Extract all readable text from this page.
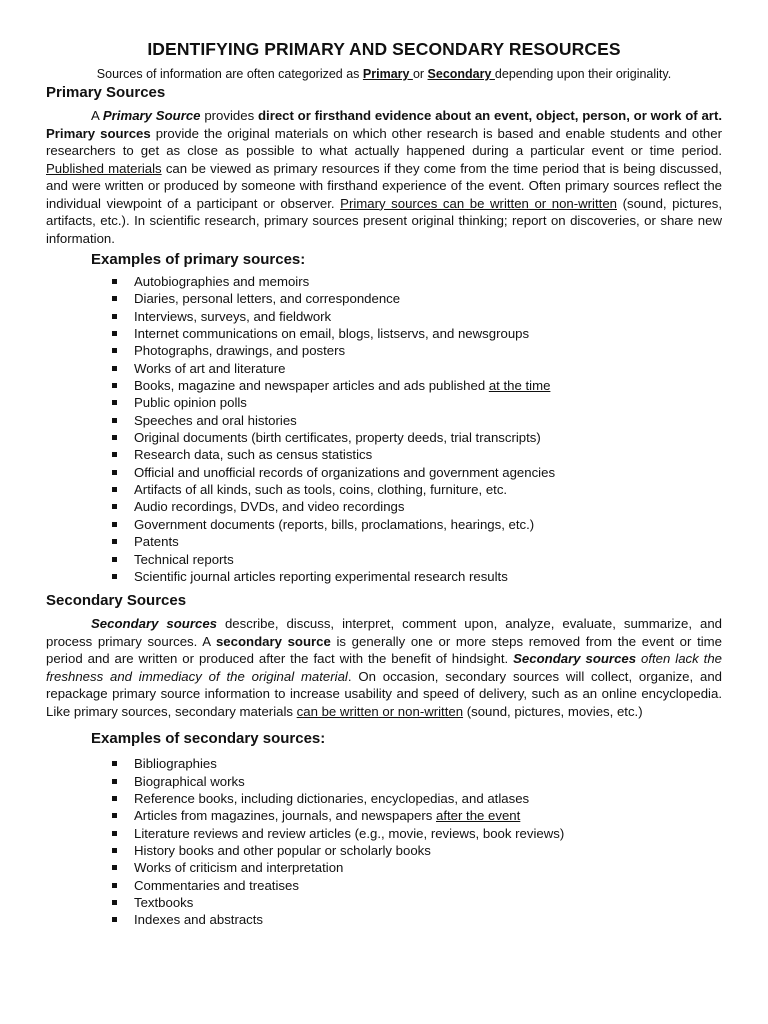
IDENTIFYING PRIMARY AND SECONDARY RESOURCES

Sources of information are often categorized as Primary or Secondary depending upon their originality.

Primary Sources

A Primary Source provides direct or firsthand evidence about an event, object, person, or work of art. Primary sources provide the original materials on which other research is based and enable students and other researchers to get as close as possible to what actually happened during a particular event or time period. Published materials can be viewed as primary resources if they come from the time period that is being discussed, and were written or produced by someone with firsthand experience of the event. Often primary sources reflect the individual viewpoint of a participant or observer. Primary sources can be written or non-written (sound, pictures, artifacts, etc.). In scientific research, primary sources present original thinking; report on discoveries, or share new information.

Examples of primary sources:
Autobiographies and memoirs
Diaries, personal letters, and correspondence
Interviews, surveys, and fieldwork
Internet communications on email, blogs, listservs, and newsgroups
Photographs, drawings, and posters
Works of art and literature
Books, magazine and newspaper articles and ads published at the time
Public opinion polls
Speeches and oral histories
Original documents (birth certificates, property deeds, trial transcripts)
Research data, such as census statistics
Official and unofficial records of organizations and government agencies
Artifacts of all kinds, such as tools, coins, clothing, furniture, etc.
Audio recordings, DVDs, and video recordings
Government documents (reports, bills, proclamations, hearings, etc.)
Patents
Technical reports
Scientific journal articles reporting experimental research results
Secondary Sources

Secondary sources describe, discuss, interpret, comment upon, analyze, evaluate, summarize, and process primary sources. A secondary source is generally one or more steps removed from the event or time period and are written or produced after the fact with the benefit of hindsight. Secondary sources often lack the freshness and immediacy of the original material. On occasion, secondary sources will collect, organize, and repackage primary source information to increase usability and speed of delivery, such as an online encyclopedia. Like primary sources, secondary materials can be written or non-written (sound, pictures, movies, etc.)

Examples of secondary sources:
Bibliographies
Biographical works
Reference books, including dictionaries, encyclopedias, and atlases
Articles from magazines, journals, and newspapers after the event
Literature reviews and review articles (e.g., movie, reviews, book reviews)
History books and other popular or scholarly books
Works of criticism and interpretation
Commentaries and treatises
Textbooks
Indexes and abstracts
